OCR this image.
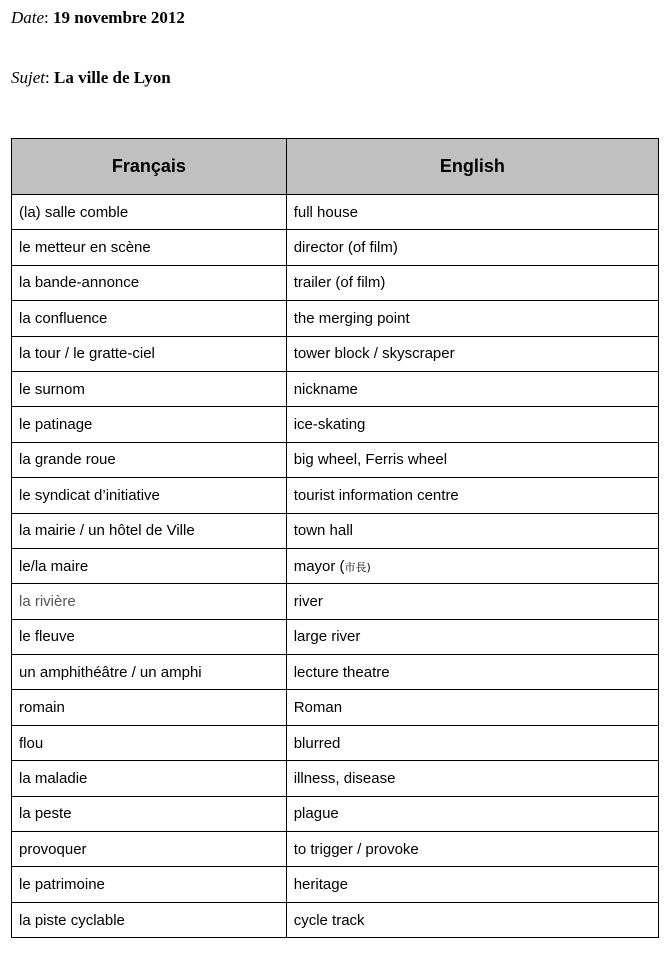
Date: 19 novembre 2012
Sujet: La ville de Lyon
Français	English
(la) salle comble	full house
le metteur en scène	director (of film)
la bande-annonce	trailer (of film)
la confluence	the merging point
la tour / le gratte-ciel	tower block / skyscraper
le surnom	nickname
le patinage	ice-skating
la grande roue	big wheel, Ferris wheel
le syndicat d’initiative	tourist information centre
la mairie / un hôtel de Ville	town hall
le/la maire	mayor (市長)
la rivière	river
le fleuve	large river
un amphithéâtre / un amphi	lecture theatre
romain	Roman
flou	blurred
la maladie	illness, disease
la peste	plague
provoquer	to trigger / provoke
le patrimoine	heritage
la piste cyclable	cycle track
